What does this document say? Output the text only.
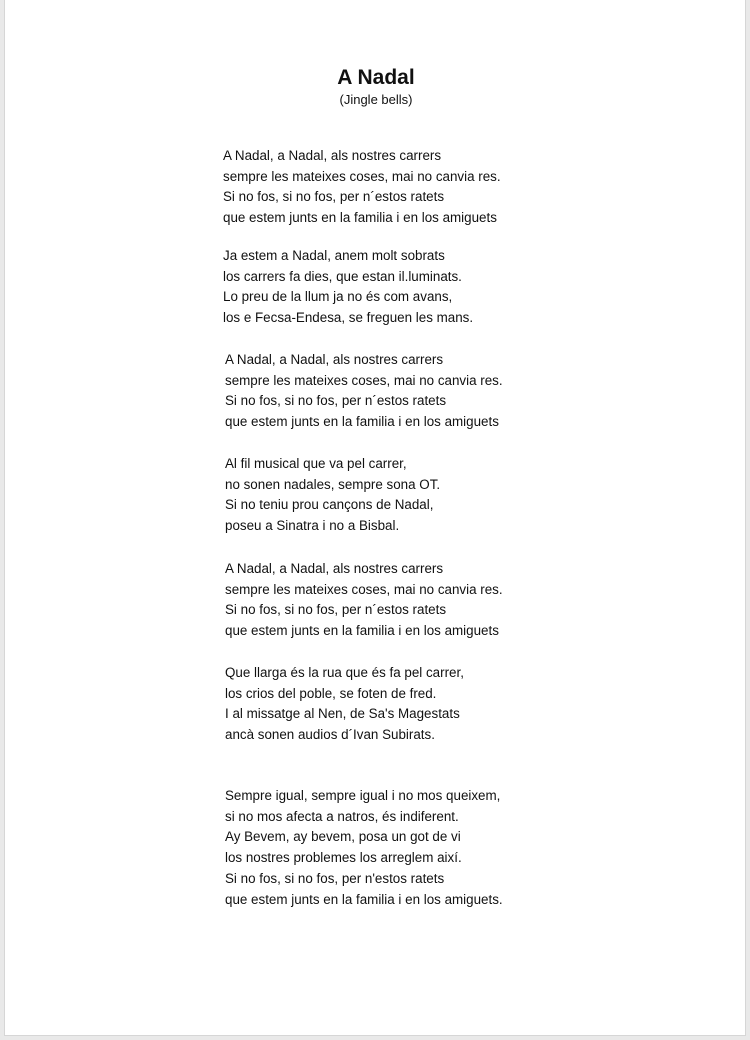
A Nadal
(Jingle bells)
A Nadal, a Nadal, als nostres carrers
sempre les mateixes coses, mai no canvia res.
Si no fos, si no fos, per n´estos ratets
que estem junts en la familia i en los amiguets
Ja estem a Nadal, anem molt sobrats
los carrers fa dies, que estan il.luminats.
Lo preu de la llum ja no és com avans,
los e Fecsa-Endesa, se freguen les mans.
A Nadal, a Nadal, als nostres carrers
sempre les mateixes coses, mai no canvia res.
Si no fos, si no fos, per n´estos ratets
que estem junts en la familia i en los amiguets
Al fil musical que va pel carrer,
no sonen nadales, sempre sona OT.
Si no teniu prou cançons de Nadal,
poseu a Sinatra i no a Bisbal.
A Nadal, a Nadal, als nostres carrers
sempre les mateixes coses, mai no canvia res.
Si no fos, si no fos, per n´estos ratets
que estem junts en la familia i en los amiguets
Que llarga és la rua que és fa pel carrer,
los crios del poble, se foten de fred.
I al missatge al Nen, de Sa's Magestats
ancà sonen audios d´Ivan Subirats.
Sempre igual, sempre igual i no mos queixem,
si no mos afecta a natros, és indiferent.
Ay Bevem, ay bevem, posa un got de vi
los nostres problemes los arreglem així.
Si no fos, si no fos, per n'estos ratets
que estem junts en la familia i en los amiguets.
